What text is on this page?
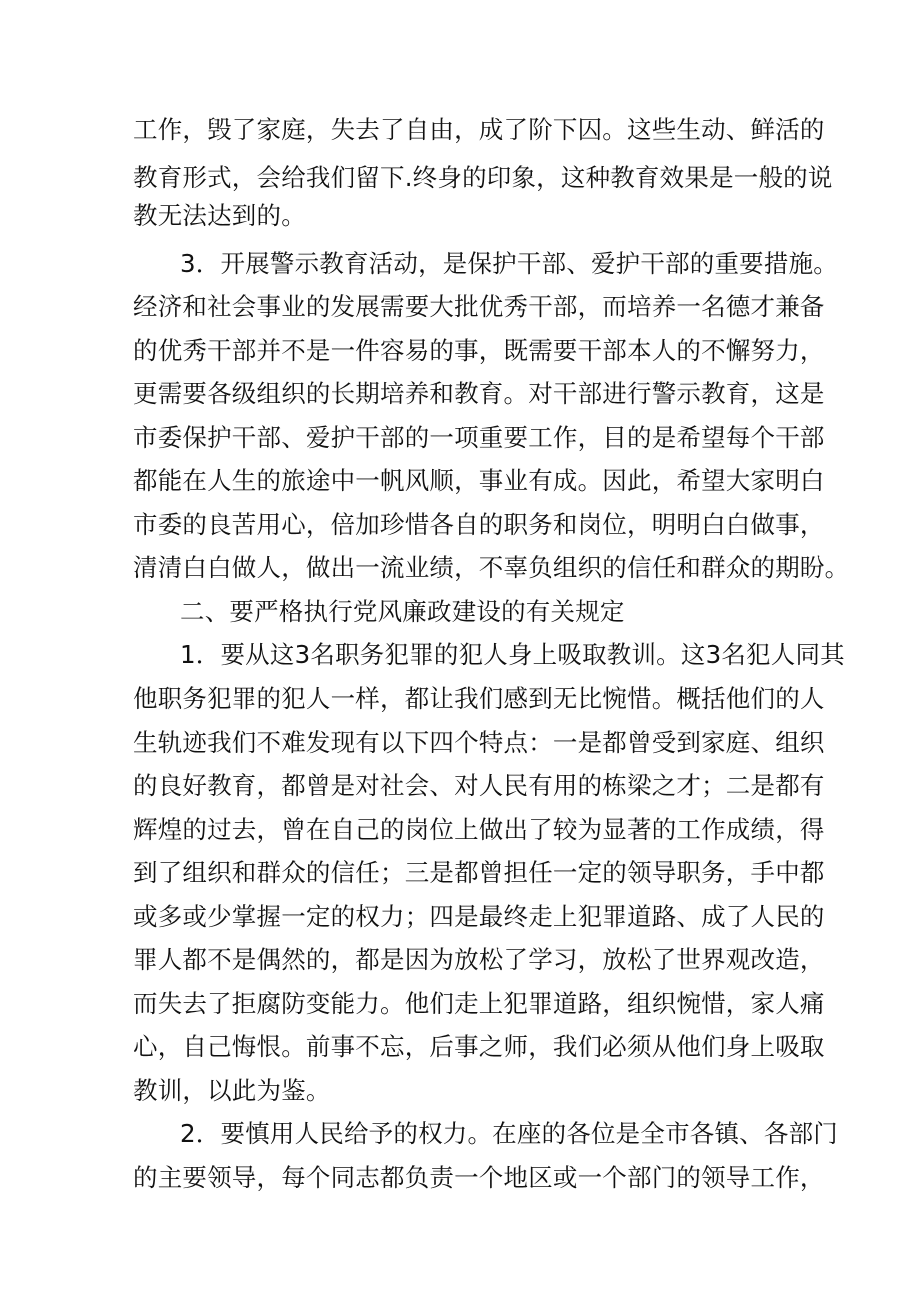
工作，毁了家庭，失去了自由，成了阶下囚。这些生动、鲜活的

教育形式，会给我们留下.终身的印象，这种教育效果是一般的说

教无法达到的。

3．开展警示教育活动，是保护干部、爱护干部的重要措施。

经济和社会事业的发展需要大批优秀干部，而培养一名德才兼备

的优秀干部并不是一件容易的事，既需要干部本人的不懈努力，

更需要各级组织的长期培养和教育。对干部进行警示教育，这是

市委保护干部、爱护干部的一项重要工作，目的是希望每个干部

都能在人生的旅途中一帆风顺，事业有成。因此，希望大家明白

市委的良苦用心，倍加珍惜各自的职务和岗位，明明白白做事，

清清白白做人，做出一流业绩，不辜负组织的信任和群众的期盼。

二、要严格执行党风廉政建设的有关规定

1．要从这3名职务犯罪的犯人身上吸取教训。这3名犯人同其

他职务犯罪的犯人一样，都让我们感到无比惋惜。概括他们的人

生轨迹我们不难发现有以下四个特点：一是都曾受到家庭、组织

的良好教育，都曾是对社会、对人民有用的栋梁之才；二是都有

辉煌的过去，曾在自己的岗位上做出了较为显著的工作成绩，得

到了组织和群众的信任；三是都曾担任一定的领导职务，手中都

或多或少掌握一定的权力；四是最终走上犯罪道路、成了人民的

罪人都不是偶然的，都是因为放松了学习，放松了世界观改造，

而失去了拒腐防变能力。他们走上犯罪道路，组织惋惜，家人痛

心，自己悔恨。前事不忘，后事之师，我们必须从他们身上吸取

教训，以此为鉴。

2．要慎用人民给予的权力。在座的各位是全市各镇、各部门

的主要领导，每个同志都负责一个地区或一个部门的领导工作，
